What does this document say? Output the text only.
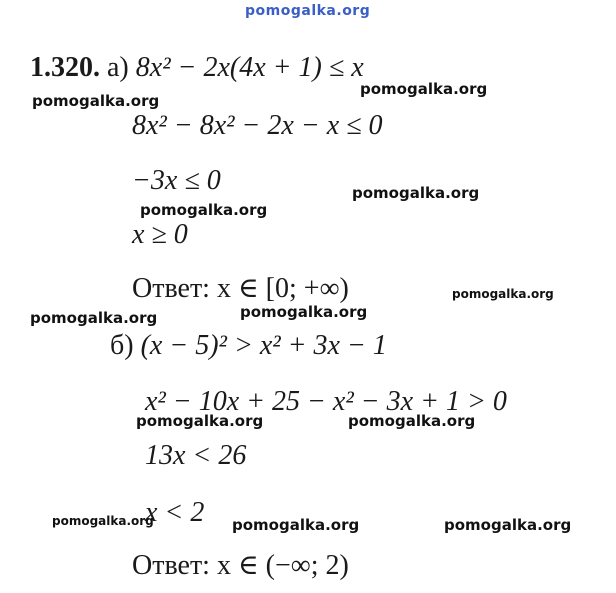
pomogalka.org
1.320. а) 8x² − 2x(4x + 1) ≤ x
8x² − 8x² − 2x − x ≤ 0
−3x ≤ 0
x ≥ 0
Ответ: x ∈ [0; +∞)
б) (x − 5)² > x² + 3x − 1
x² − 10x + 25 − x² − 3x + 1 > 0
13x < 26
x < 2
Ответ: x ∈ (−∞; 2)
pomogalka.org
pomogalka.org
pomogalka.org
pomogalka.org
pomogalka.org
pomogalka.org	pomogalka.org
pomogalka.org	pomogalka.org
pomogalka.org	pomogalka.org	pomogalka.org
